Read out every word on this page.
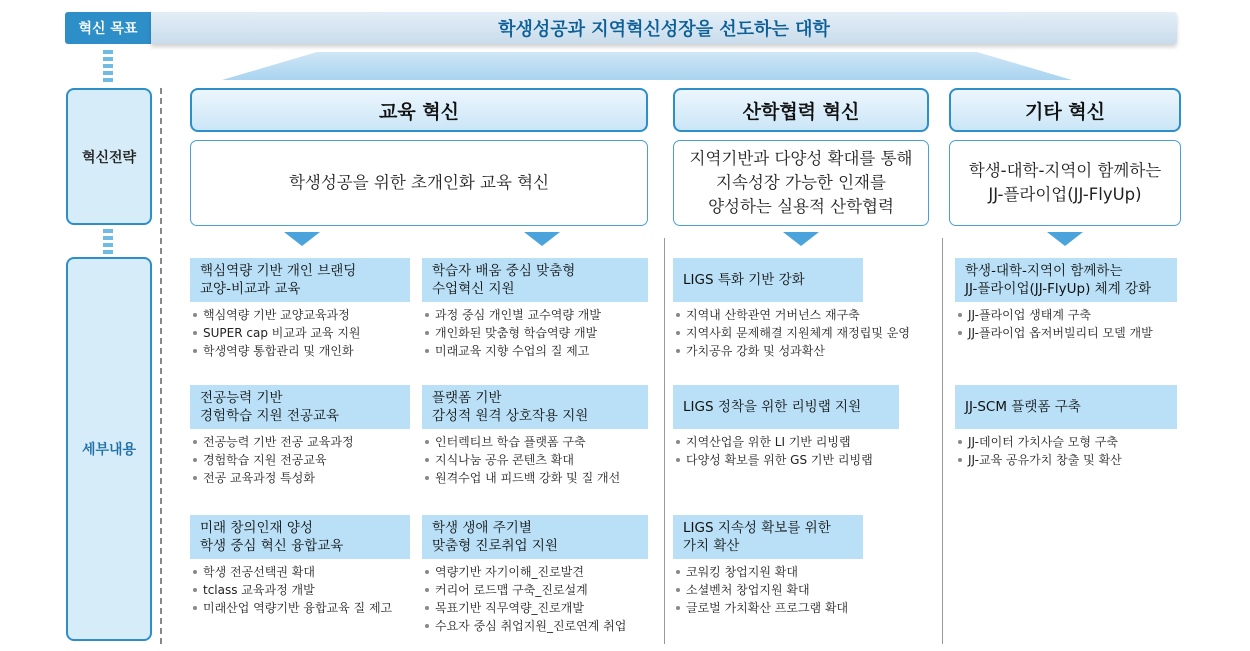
혁신 목표	학생성공과 지역혁신성장을 선도하는 대학
혁신전략
세부내용
교육 혁신	산학협력 혁신	기타 혁신
학생성공을 위한 초개인화 교육 혁신
지역기반과 다양성 확대를 통해
지속성장 가능한 인재를
양성하는 실용적 산학협력
학생-대학-지역이 함께하는
JJ-플라이업(JJ-FlyUp)
핵심역량 기반 개인 브랜딩
교양-비교과 교육
핵심역량 기반 교양교육과정
SUPER cap 비교과 교육 지원
학생역량 통합관리 및 개인화
학습자 배움 중심 맞춤형
수업혁신 지원
과정 중심 개인별 교수역량 개발
개인화된 맞춤형 학습역량 개발
미래교육 지향 수업의 질 제고
전공능력 기반
경험학습 지원 전공교육
전공능력 기반 전공 교육과정
경험학습 지원 전공교육
전공 교육과정 특성화
플랫폼 기반
감성적 원격 상호작용 지원
인터렉티브 학습 플랫폼 구축
지식나눔 공유 콘텐츠 확대
원격수업 내 피드백 강화 및 질 개선
미래 창의인재 양성
학생 중심 혁신 융합교육
학생 전공선택권 확대
tclass 교육과정 개발
미래산업 역량기반 융합교육 질 제고
학생 생애 주기별
맞춤형 진로취업 지원
역량기반 자기이해_진로발견
커리어 로드맵 구축_진로설계
목표기반 직무역량_진로개발
수요자 중심 취업지원_진로연계 취업
LIGS 특화 기반 강화
지역내 산학관연 거버넌스 재구축
지역사회 문제해결 지원체계 재정립및 운영
가치공유 강화 및 성과확산
LIGS 정착을 위한 리빙랩 지원
지역산업을 위한 LI 기반 리빙랩
다양성 확보를 위한 GS 기반 리빙랩
LIGS 지속성 확보를 위한
가치 확산
코워킹 창업지원 확대
소셜벤처 창업지원 확대
글로벌 가치확산 프로그램 확대
학생-대학-지역이 함께하는
JJ-플라이업(JJ-FlyUp) 체계 강화
JJ-플라이업 생태계 구축
JJ-플라이업 옵저버빌리티 모델 개발
JJ-SCM 플랫폼 구축
JJ-데이터 가치사슬 모형 구축
JJ-교육 공유가치 창출 및 확산
